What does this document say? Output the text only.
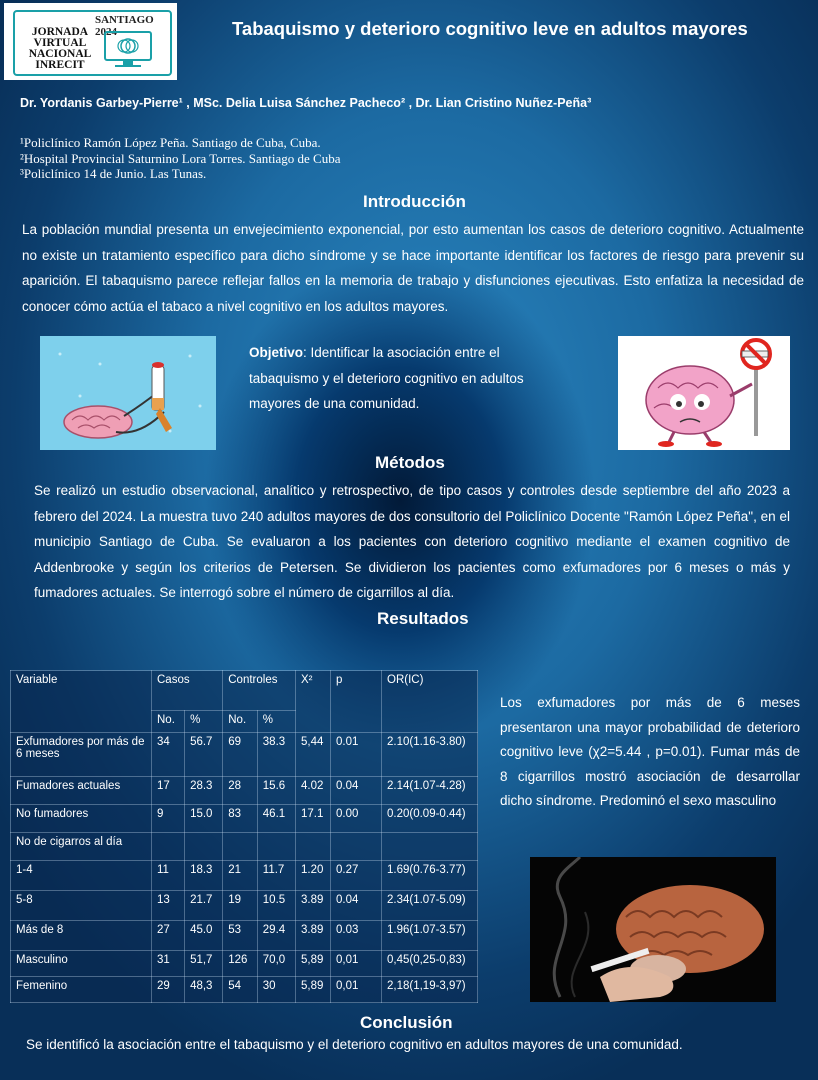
JORNADA
VIRTUAL
NACIONAL
INRECIT
SANTIAGO 2024	Tabaquismo y deterioro cognitivo leve en adultos mayores
Dr. Yordanis Garbey-Pierre¹ , MSc. Delia Luisa Sánchez Pacheco² , Dr. Lian Cristino Nuñez-Peña³
¹Policlínico Ramón López Peña. Santiago de Cuba, Cuba.
²Hospital Provincial Saturnino Lora Torres. Santiago de Cuba
³Policlínico 14 de Junio. Las Tunas.
Introducción
La población mundial presenta un envejecimiento exponencial, por esto aumentan los casos de deterioro cognitivo. Actualmente no existe un tratamiento específico para dicho síndrome y se hace importante identificar los factores de riesgo para prevenir su aparición. El tabaquismo parece reflejar fallos en la memoria de trabajo y disfunciones ejecutivas. Esto enfatiza la necesidad de conocer cómo actúa el tabaco a nivel cognitivo en los adultos mayores.
Objetivo: Identificar la asociación entre el tabaquismo y el deterioro cognitivo en adultos mayores de una comunidad.
Métodos
Se realizó un estudio observacional, analítico y retrospectivo, de tipo casos y controles desde septiembre del año 2023 a febrero del 2024. La muestra tuvo 240 adultos mayores de dos consultorio del Policlínico Docente "Ramón López Peña", en el municipio Santiago de Cuba. Se evaluaron a los pacientes con deterioro cognitivo mediante el examen cognitivo de Addenbrooke y según los criterios de Petersen. Se dividieron los pacientes como exfumadores por 6 meses o más y fumadores actuales. Se interrogó sobre el número de cigarrillos al día.
Resultados
Variable	Casos		Controles		X²	p	OR(IC)
	No.	%	No.	%			
Exfumadores por más de 6 meses	34	56.7	69	38.3	5,44	0.01	2.10(1.16-3.80)
Fumadores actuales	17	28.3	28	15.6	4.02	0.04	2.14(1.07-4.28)
No fumadores	9	15.0	83	46.1	17.1	0.00	0.20(0.09-0.44)
No de cigarros al día							
1-4	11	18.3	21	11.7	1.20	0.27	1.69(0.76-3.77)
5-8	13	21.7	19	10.5	3.89	0.04	2.34(1.07-5.09)
Más de 8	27	45.0	53	29.4	3.89	0.03	1.96(1.07-3.57)
Masculino	31	51,7	126	70,0	5,89	0,01	0,45(0,25-0,83)
Femenino	29	48,3	54	30	5,89	0,01	2,18(1,19-3,97)
Los exfumadores por más de 6 meses presentaron una mayor probabilidad de deterioro cognitivo leve (χ2=5.44 , p=0.01). Fumar más de 8 cigarrillos mostró asociación de desarrollar dicho síndrome. Predominó el sexo masculino
Conclusión
Se identificó la asociación entre el tabaquismo y el deterioro cognitivo en adultos mayores de una comunidad.
